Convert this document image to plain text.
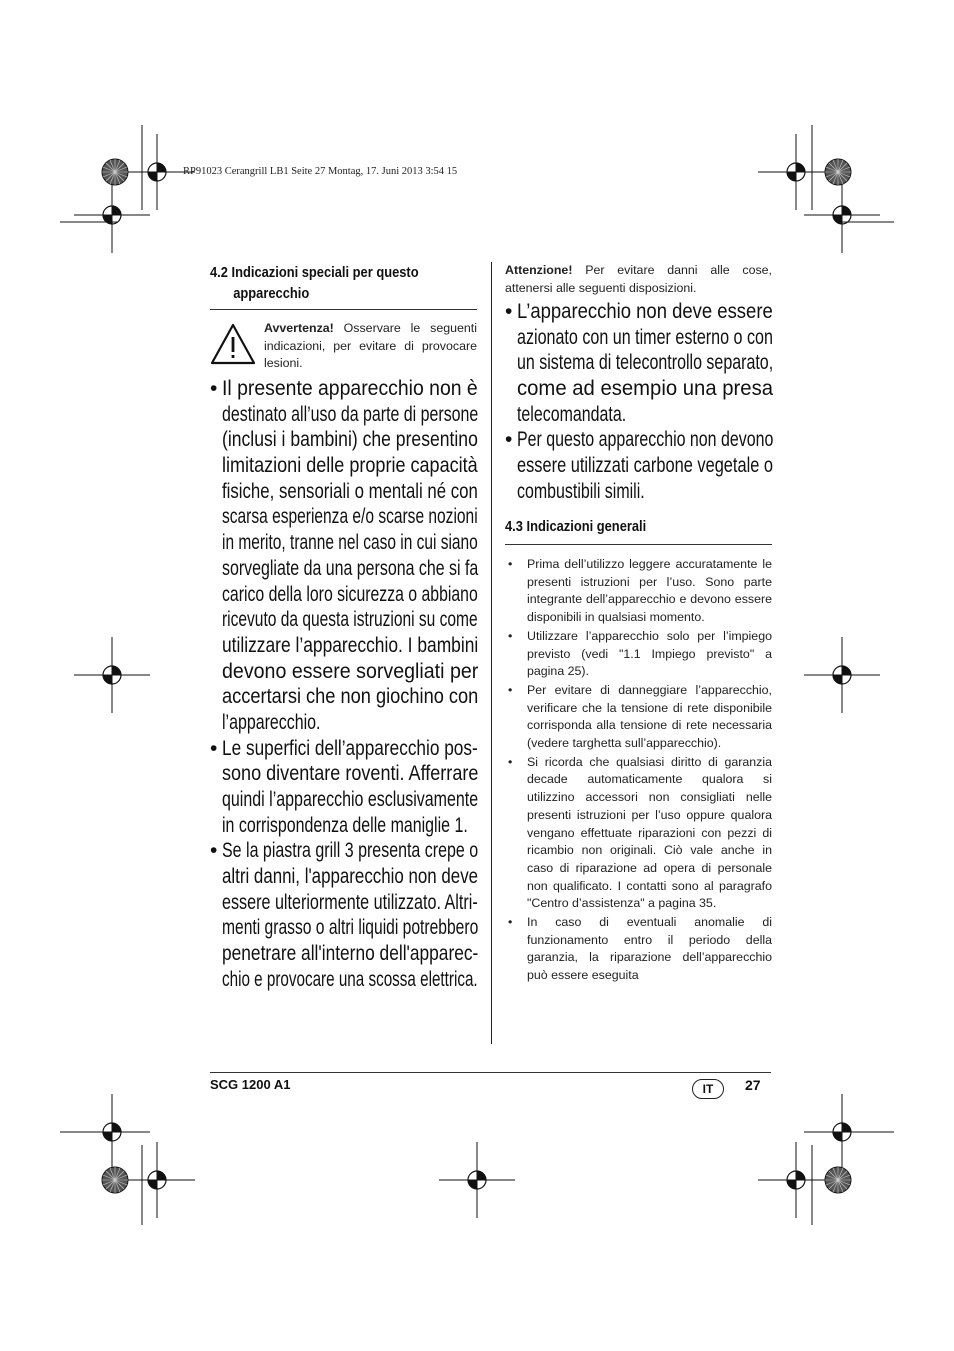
RP91023 Cerangrill LB1 Seite 27 Montag, 17. Juni 2013 3:54 15
4.2 Indicazioni speciali per questo
apparecchio
Avvertenza! Osservare le seguenti indicazioni, per evitare di provocare lesioni.
• Il presente apparecchio non è
destinato all’uso da parte di persone
(inclusi i bambini) che presentino
limitazioni delle proprie capacità
fisiche, sensoriali o mentali né con
scarsa esperienza e/o scarse nozioni
in merito, tranne nel caso in cui siano
sorvegliate da una persona che si fa
carico della loro sicurezza o abbiano
ricevuto da questa istruzioni su come
utilizzare l’apparecchio. I bambini
devono essere sorvegliati per
accertarsi che non giochino con
l’apparecchio.
• Le superfici dell’apparecchio pos-
sono diventare roventi. Afferrare
quindi l’apparecchio esclusivamente
in corrispondenza delle maniglie 1.
• Se la piastra grill 3 presenta crepe o
altri danni, l'apparecchio non deve
essere ulteriormente utilizzato. Altri-
menti grasso o altri liquidi potrebbero
penetrare all'interno dell'apparec-
chio e provocare una scossa elettrica.
Attenzione! Per evitare danni alle cose, attenersi alle seguenti disposizioni.
• L’apparecchio non deve essere
azionato con un timer esterno o con
un sistema di telecontrollo separato,
come ad esempio una presa
telecomandata.
• Per questo apparecchio non devono
essere utilizzati carbone vegetale o
combustibili simili.
4.3 Indicazioni generali
• Prima dell’utilizzo leggere accuratamente le presenti istruzioni per l’uso. Sono parte integrante dell’apparecchio e devono essere disponibili in qualsiasi momento.
• Utilizzare l’apparecchio solo per l’impiego previsto (vedi "1.1 Impiego previsto" a pagina 25).
• Per evitare di danneggiare l’apparecchio, verificare che la tensione di rete disponibile corrisponda alla tensione di rete necessaria (vedere targhetta sull’apparecchio).
• Si ricorda che qualsiasi diritto di garanzia decade automaticamente qualora si utilizzino accessori non consigliati nelle presenti istruzioni per l’uso oppure qualora vengano effettuate riparazioni con pezzi di ricambio non originali. Ciò vale anche in caso di riparazione ad opera di personale non qualificato. I contatti sono al paragrafo "Centro d’assistenza" a pagina 35.
• In caso di eventuali anomalie di funzionamento entro il periodo della garanzia, la riparazione dell’apparecchio può essere eseguita
SCG 1200 A1	IT	27
